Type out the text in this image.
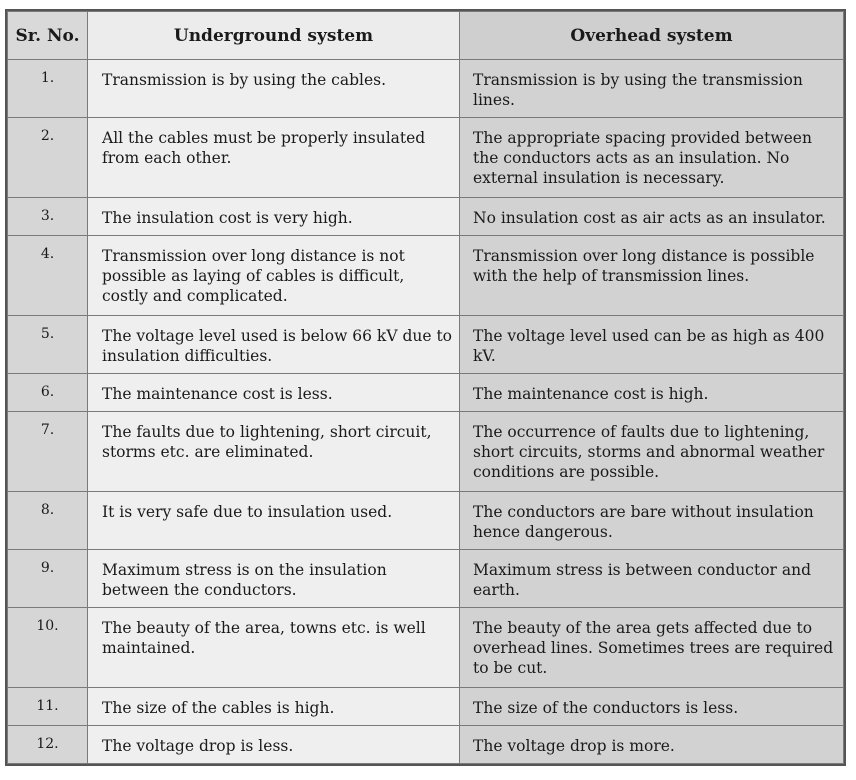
Sr. No.	Underground system	Overhead system
1.	Transmission is by using the cables.	Transmission is by using the transmission lines.
2.	All the cables must be properly insulated from each other.	The appropriate spacing provided between the conductors acts as an insulation. No external insulation is necessary.
3.	The insulation cost is very high.	No insulation cost as air acts as an insulator.
4.	Transmission over long distance is not possible as laying of cables is difficult, costly and complicated.	Transmission over long distance is possible with the help of transmission lines.
5.	The voltage level used is below 66 kV due to insulation difficulties.	The voltage level used can be as high as 400 kV.
6.	The maintenance cost is less.	The maintenance cost is high.
7.	The faults due to lightening, short circuit, storms etc. are eliminated.	The occurrence of faults due to lightening, short circuits, storms and abnormal weather conditions are possible.
8.	It is very safe due to insulation used.	The conductors are bare without insulation hence dangerous.
9.	Maximum stress is on the insulation between the conductors.	Maximum stress is between conductor and earth.
10.	The beauty of the area, towns etc. is well maintained.	The beauty of the area gets affected due to overhead lines. Sometimes trees are required to be cut.
11.	The size of the cables is high.	The size of the conductors is less.
12.	The voltage drop is less.	The voltage drop is more.
